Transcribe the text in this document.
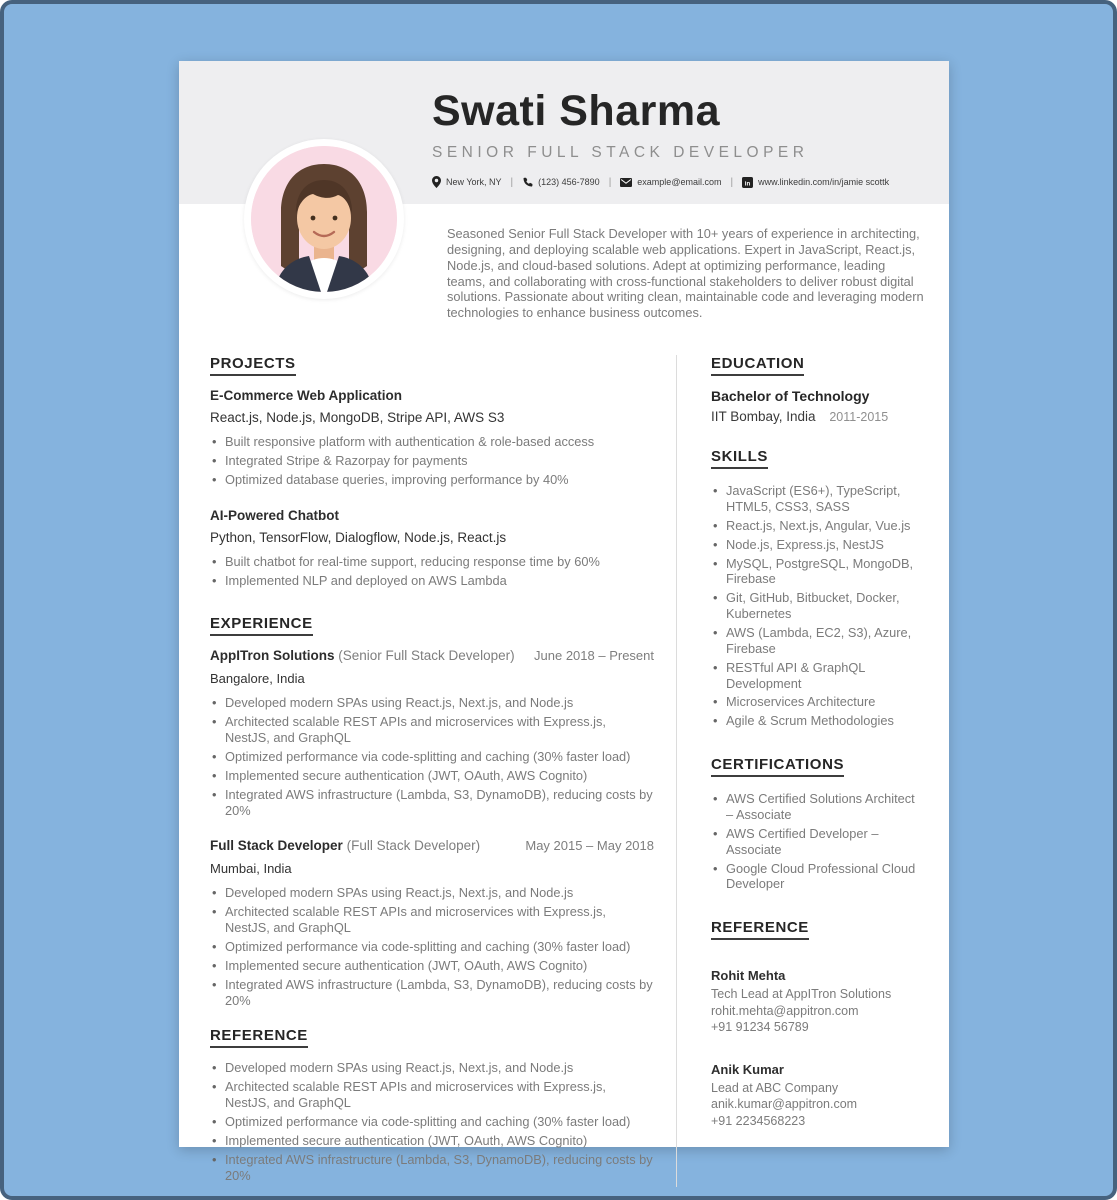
Swati Sharma
SENIOR FULL STACK DEVELOPER
New York, NY |	(123) 456-7890 |	example@email.com |	in www.linkedin.com/in/jamie scottk
Seasoned Senior Full Stack Developer with 10+ years of experience in architecting, designing, and deploying scalable web applications. Expert in JavaScript, React.js, Node.js, and cloud-based solutions. Adept at optimizing performance, leading teams, and collaborating with cross-functional stakeholders to deliver robust digital solutions. Passionate about writing clean, maintainable code and leveraging modern technologies to enhance business outcomes.
PROJECTS
E-Commerce Web Application
React.js, Node.js, MongoDB, Stripe API, AWS S3
• Built responsive platform with authentication & role-based access
• Integrated Stripe & Razorpay for payments
• Optimized database queries, improving performance by 40%
AI-Powered Chatbot
Python, TensorFlow, Dialogflow, Node.js, React.js
• Built chatbot for real-time support, reducing response time by 60%
• Implemented NLP and deployed on AWS Lambda
EXPERIENCE
AppITron Solutions (Senior Full Stack Developer) June 2018 – Present
Bangalore, India
• Developed modern SPAs using React.js, Next.js, and Node.js
• Architected scalable REST APIs and microservices with Express.js, NestJS, and GraphQL
• Optimized performance via code-splitting and caching (30% faster load)
• Implemented secure authentication (JWT, OAuth, AWS Cognito)
• Integrated AWS infrastructure (Lambda, S3, DynamoDB), reducing costs by 20%
Full Stack Developer (Full Stack Developer)	May 2015 – May 2018
Mumbai, India
• Developed modern SPAs using React.js, Next.js, and Node.js
• Architected scalable REST APIs and microservices with Express.js, NestJS, and GraphQL
• Optimized performance via code-splitting and caching (30% faster load)
• Implemented secure authentication (JWT, OAuth, AWS Cognito)
• Integrated AWS infrastructure (Lambda, S3, DynamoDB), reducing costs by 20%
REFERENCE
• Developed modern SPAs using React.js, Next.js, and Node.js
• Architected scalable REST APIs and microservices with Express.js, NestJS, and GraphQL
• Optimized performance via code-splitting and caching (30% faster load)
• Implemented secure authentication (JWT, OAuth, AWS Cognito)
• Integrated AWS infrastructure (Lambda, S3, DynamoDB), reducing costs by 20%
EDUCATION
Bachelor of Technology
IIT Bombay, India 2011-2015
SKILLS
• JavaScript (ES6+), TypeScript, HTML5, CSS3, SASS
• React.js, Next.js, Angular, Vue.js
• Node.js, Express.js, NestJS
• MySQL, PostgreSQL, MongoDB, Firebase
• Git, GitHub, Bitbucket, Docker, Kubernetes
• AWS (Lambda, EC2, S3), Azure, Firebase
• RESTful API & GraphQL Development
• Microservices Architecture
• Agile & Scrum Methodologies
CERTIFICATIONS
• AWS Certified Solutions Architect – Associate
• AWS Certified Developer – Associate
• Google Cloud Professional Cloud Developer
REFERENCE
Rohit Mehta
Tech Lead at AppITron Solutions
rohit.mehta@appitron.com
+91 91234 56789
Anik Kumar
Lead at ABC Company
anik.kumar@appitron.com
+91 2234568223
